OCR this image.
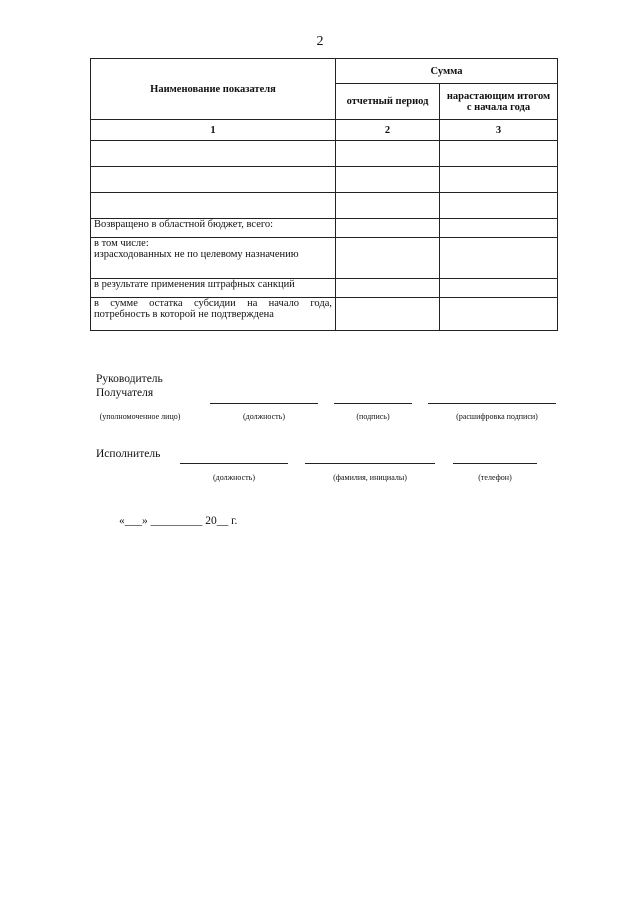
2
Наименование показателя	Сумма	
	отчетный период	нарастающим итогом
с начала года

1	2	3

Возвращено в областной бюджет, всего:		

в том числе:
израсходованных не по целевому назначению		

в результате применения штрафных санкций		

в сумме остатка субсидии на начало года,
потребность в которой не подтверждена		

Руководитель
Получателя
(уполномоченное лицо)	(должность)	(подпись)	(расшифровка подписи)
Исполнитель
(должность)	(фамилия, инициалы)	(телефон)
«___» _________ 20__ г.
